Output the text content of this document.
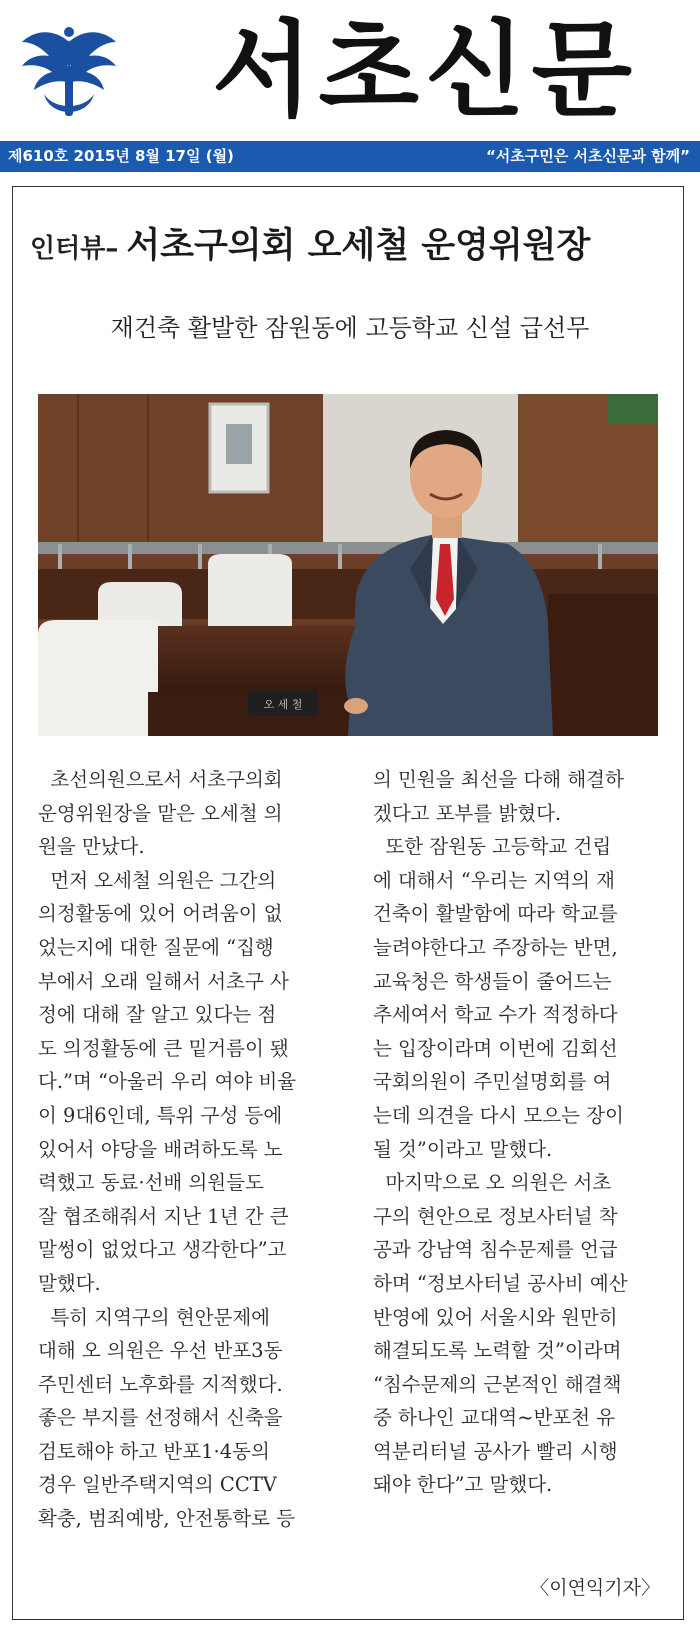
서초신문
제610호 2015년 8월 17일 (월)	“서초구민은 서초신문과 함께”
인터뷰– 서초구의회 오세철 운영위원장
재건축 활발한 잠원동에 고등학교 신설 급선무
오 세 철
초선의원으로서 서초구의회
운영위원장을 맡은 오세철 의
원을 만났다.
먼저 오세철 의원은 그간의
의정활동에 있어 어려움이 없
었는지에 대한 질문에 “집행
부에서 오래 일해서 서초구 사
정에 대해 잘 알고 있다는 점
도 의정활동에 큰 밑거름이 됐
다.”며 “아울러 우리 여야 비율
이 9대6인데, 특위 구성 등에
있어서 야당을 배려하도록 노
력했고 동료·선배 의원들도
잘 협조해줘서 지난 1년 간 큰
말썽이 없었다고 생각한다”고
말했다.
특히 지역구의 현안문제에
대해 오 의원은 우선 반포3동
주민센터 노후화를 지적했다.
좋은 부지를 선정해서 신축을
검토해야 하고 반포1·4동의
경우 일반주택지역의 CCTV
확충, 범죄예방, 안전통학로 등
의 민원을 최선을 다해 해결하
겠다고 포부를 밝혔다.
또한 잠원동 고등학교 건립
에 대해서 “우리는 지역의 재
건축이 활발함에 따라 학교를
늘려야한다고 주장하는 반면,
교육청은 학생들이 줄어드는
추세여서 학교 수가 적정하다
는 입장이라며 이번에 김회선
국회의원이 주민설명회를 여
는데 의견을 다시 모으는 장이
될 것”이라고 말했다.
마지막으로 오 의원은 서초
구의 현안으로 정보사터널 착
공과 강남역 침수문제를 언급
하며 “정보사터널 공사비 예산
반영에 있어 서울시와 원만히
해결되도록 노력할 것”이라며
“침수문제의 근본적인 해결책
중 하나인 교대역~반포천 유
역분리터널 공사가 빨리 시행
돼야 한다”고 말했다.
〈이연익기자〉
